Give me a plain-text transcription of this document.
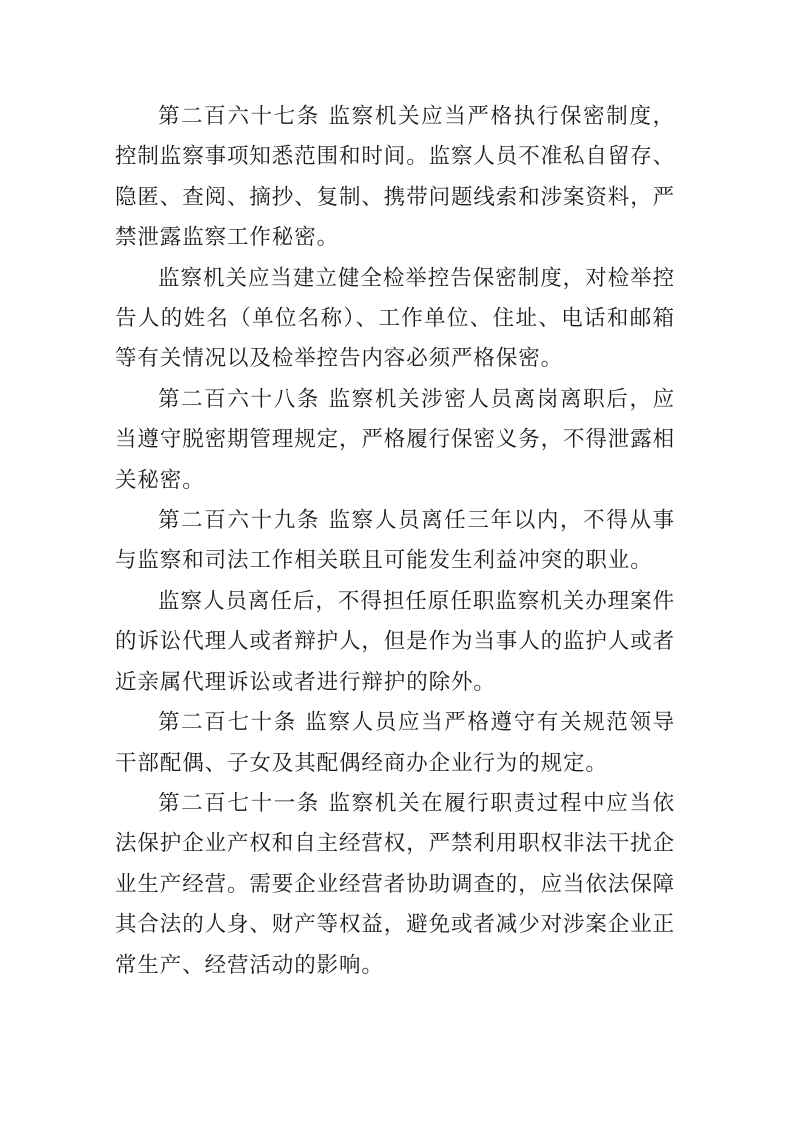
第二百六十七条 监察机关应当严格执行保密制度，控制监察事项知悉范围和时间。监察人员不准私自留存、隐匿、查阅、摘抄、复制、携带问题线索和涉案资料，严禁泄露监察工作秘密。

监察机关应当建立健全检举控告保密制度，对检举控告人的姓名（单位名称）、工作单位、住址、电话和邮箱等有关情况以及检举控告内容必须严格保密。

第二百六十八条 监察机关涉密人员离岗离职后，应当遵守脱密期管理规定，严格履行保密义务，不得泄露相关秘密。

第二百六十九条 监察人员离任三年以内，不得从事与监察和司法工作相关联且可能发生利益冲突的职业。

监察人员离任后，不得担任原任职监察机关办理案件的诉讼代理人或者辩护人，但是作为当事人的监护人或者近亲属代理诉讼或者进行辩护的除外。

第二百七十条 监察人员应当严格遵守有关规范领导干部配偶、子女及其配偶经商办企业行为的规定。

第二百七十一条 监察机关在履行职责过程中应当依法保护企业产权和自主经营权，严禁利用职权非法干扰企业生产经营。需要企业经营者协助调查的，应当依法保障其合法的人身、财产等权益，避免或者减少对涉案企业正常生产、经营活动的影响。
